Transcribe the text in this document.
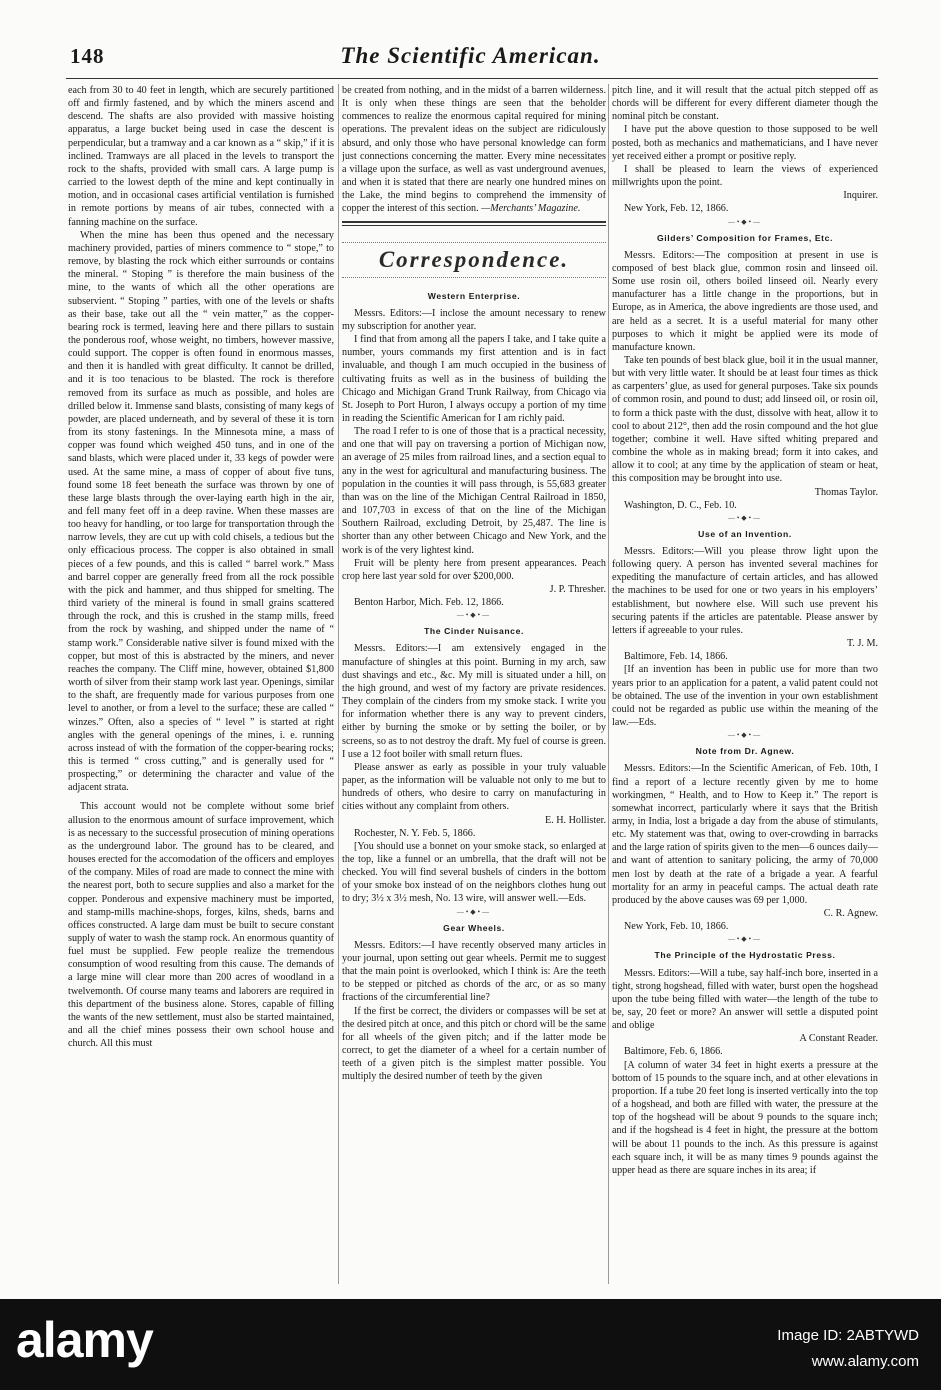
148	The Scientific American.

each from 30 to 40 feet in length, which are securely partitioned off and firmly fastened, and by which the miners ascend and descend. The shafts are also provided with massive hoisting apparatus, a large bucket being used in case the descent is perpendicular, but a tramway and a car known as a “ skip,” if it is inclined. Tramways are all placed in the levels to transport the rock to the shafts, provided with small cars. A large pump is carried to the lowest depth of the mine and kept continually in motion, and in occasional cases artificial ventilation is furnished in remote portions by means of air tubes, connected with a fanning machine on the surface.

When the mine has been thus opened and the necessary machinery provided, parties of miners commence to “ stope,” to remove, by blasting the rock which either surrounds or contains the mineral. “ Stoping ” is therefore the main business of the mine, to the wants of which all the other operations are subservient. “ Stoping ” parties, with one of the levels or shafts as their base, take out all the “ vein matter,” as the copper-bearing rock is termed, leaving here and there pillars to sustain the ponderous roof, whose weight, no timbers, however massive, could support. The copper is often found in enormous masses, and then it is handled with great difficulty. It cannot be drilled, and it is too tenacious to be blasted. The rock is therefore removed from its surface as much as possible, and holes are drilled below it. Immense sand blasts, consisting of many kegs of powder, are placed underneath, and by several of these it is torn from its stony fastenings. In the Minnesota mine, a mass of copper was found which weighed 450 tuns, and in one of the sand blasts, which were placed under it, 33 kegs of powder were used. At the same mine, a mass of copper of about five tuns, found some 18 feet beneath the surface was thrown by one of these large blasts through the over-laying earth high in the air, and fell many feet off in a deep ravine. When these masses are too heavy for handling, or too large for transportation through the narrow levels, they are cut up with cold chisels, a tedious but the only efficacious process. The copper is also obtained in small pieces of a few pounds, and this is called “ barrel work.” Mass and barrel copper are generally freed from all the rock possible with the pick and hammer, and thus shipped for smelting. The third variety of the mineral is found in small grains scattered through the rock, and this is crushed in the stamp mills, freed from the rock by washing, and shipped under the name of “ stamp work.” Considerable native silver is found mixed with the copper, but most of this is abstracted by the miners, and never reaches the company. The Cliff mine, however, obtained $1,800 worth of silver from their stamp work last year. Openings, similar to the shaft, are frequently made for various purposes from one level to another, or from a level to the surface; these are called “ winzes.” Often, also a species of “ level ” is started at right angles with the general openings of the mines, i. e. running across instead of with the formation of the copper-bearing rocks; this is termed “ cross cutting,” and is generally used for “ prospecting,” or determining the character and value of the adjacent strata.

This account would not be complete without some brief allusion to the enormous amount of surface improvement, which is as necessary to the successful prosecution of mining operations as the underground labor. The ground has to be cleared, and houses erected for the accomodation of the officers and employes of the company. Miles of road are made to connect the mine with the nearest port, both to secure supplies and also a market for the copper. Ponderous and expensive machinery must be imported, and stamp-mills machine-shops, forges, kilns, sheds, barns and offices constructed. A large dam must be built to secure constant supply of water to wash the stamp rock. An enormous quantity of fuel must be supplied. Few people realize the tremendous consumption of wood resulting from this cause. The demands of a large mine will clear more than 200 acres of woodland in a twelvemonth. Of course many teams and laborers are required in this department of the business alone. Stores, capable of filling the wants of the new settlement, must also be started maintained, and all the chief mines possess their own school house and church. All this must

be created from nothing, and in the midst of a barren wilderness. It is only when these things are seen that the beholder commences to realize the enormous capital required for mining operations. The prevalent ideas on the subject are ridiculously absurd, and only those who have personal knowledge can form just connections concerning the matter. Every mine necessitates a village upon the surface, as well as vast underground avenues, and when it is stated that there are nearly one hundred mines on the Lake, the mind begins to comprehend the immensity of copper the interest of this section. —Merchants’ Magazine.

Correspondence.
Western Enterprise.

Messrs. Editors:—I inclose the amount necessary to renew my subscription for another year.

I find that from among all the papers I take, and I take quite a number, yours commands my first attention and is in fact invaluable, and though I am much occupied in the business of cultivating fruits as well as in the business of building the Chicago and Michigan Grand Trunk Railway, from Chicago via St. Joseph to Port Huron, I always occupy a portion of my time in reading the Scientific American for I am richly paid.

The road I refer to is one of those that is a practical necessity, and one that will pay on traversing a portion of Michigan now, an average of 25 miles from railroad lines, and a section equal to any in the west for agricultural and manufacturing business. The population in the counties it will pass through, is 55,683 greater than was on the line of the Michigan Central Railroad in 1850, and 107,703 in excess of that on the line of the Michigan Southern Railroad, excluding Detroit, by 25,487. The line is shorter than any other between Chicago and New York, and the work is of the very lightest kind.

Fruit will be plenty here from present appearances. Peach crop here last year sold for over $200,000.

J. P. Thresher.

Benton Harbor, Mich. Feb. 12, 1866.

—•◆•—
The Cinder Nuisance.

Messrs. Editors:—I am extensively engaged in the manufacture of shingles at this point. Burning in my arch, saw dust shavings and etc., &c. My mill is situated under a hill, on the high ground, and west of my factory are private residences. They complain of the cinders from my smoke stack. I write you for information whether there is any way to prevent cinders, either by burning the smoke or by setting the boiler, or by screens, so as to not destroy the draft. My fuel of course is green. I use a 12 foot boiler with small return flues.

Please answer as early as possible in your truly valuable paper, as the information will be valuable not only to me but to hundreds of others, who desire to carry on manufacturing in cities without any complaint from others.

E. H. Hollister.

Rochester, N. Y. Feb. 5, 1866.

[You should use a bonnet on your smoke stack, so enlarged at the top, like a funnel or an umbrella, that the draft will not be checked. You will find several bushels of cinders in the bottom of your smoke box instead of on the neighbors clothes hung out to dry; 3½ x 3½ mesh, No. 13 wire, will answer well.—Eds.

—•◆•—
Gear Wheels.

Messrs. Editors:—I have recently observed many articles in your journal, upon setting out gear wheels. Permit me to suggest that the main point is overlooked, which I think is: Are the teeth to be stepped or pitched as chords of the arc, or as so many fractions of the circumferential line?

If the first be correct, the dividers or compasses will be set at the desired pitch at once, and this pitch or chord will be the same for all wheels of the given pitch; and if the latter mode be correct, to get the diameter of a wheel for a certain number of teeth of a given pitch is the simplest matter possible. You multiply the desired number of teeth by the given

pitch line, and it will result that the actual pitch stepped off as chords will be different for every different diameter though the nominal pitch be constant.

I have put the above question to those supposed to be well posted, both as mechanics and mathematicians, and I have never yet received either a prompt or positive reply.

I shall be pleased to learn the views of experienced millwrights upon the point.

Inquirer.

New York, Feb. 12, 1866.

—•◆•—
Gilders’ Composition for Frames, Etc.

Messrs. Editors:—The composition at present in use is composed of best black glue, common rosin and linseed oil. Some use rosin oil, others boiled linseed oil. Nearly every manufacturer has a little change in the proportions, but in Europe, as in America, the above ingredients are those used, and are held as a secret. It is a useful material for many other purposes to which it might be applied were its mode of manufacture known.

Take ten pounds of best black glue, boil it in the usual manner, but with very little water. It should be at least four times as thick as carpenters’ glue, as used for general purposes. Take six pounds of common rosin, and pound to dust; add linseed oil, or rosin oil, to form a thick paste with the dust, dissolve with heat, allow it to cool to about 212°, then add the rosin compound and the hot glue together; combine it well. Have sifted whiting prepared and combine the whole as in making bread; form it into cakes, and allow it to cool; at any time by the application of steam or heat, this composition may be brought into use.

Thomas Taylor.

Washington, D. C., Feb. 10.

—•◆•—
Use of an Invention.

Messrs. Editors:—Will you please throw light upon the following query. A person has invented several machines for expediting the manufacture of certain articles, and has allowed the machines to be used for one or two years in his employers’ establishment, but nowhere else. Will such use prevent his securing patents if the articles are patentable. Please answer by letters if agreeable to your rules.

T. J. M.

Baltimore, Feb. 14, 1866.

[If an invention has been in public use for more than two years prior to an application for a patent, a valid patent could not be obtained. The use of the invention in your own establishment could not be regarded as public use within the meaning of the law.—Eds.

—•◆•—
Note from Dr. Agnew.

Messrs. Editors:—In the Scientific American, of Feb. 10th, I find a report of a lecture recently given by me to home workingmen, “ Health, and to How to Keep it.” The report is somewhat incorrect, particularly where it says that the British army, in India, lost a brigade a day from the abuse of stimulants, etc. My statement was that, owing to over-crowding in barracks and the large ration of spirits given to the men—6 ounces daily—and want of attention to sanitary policing, the army of 70,000 men lost by death at the rate of a brigade a year. A fearful mortality for an army in peaceful camps. The actual death rate produced by the above causes was 69 per 1,000.

C. R. Agnew.

New York, Feb. 10, 1866.

—•◆•—
The Principle of the Hydrostatic Press.

Messrs. Editors:—Will a tube, say half-inch bore, inserted in a tight, strong hogshead, filled with water, burst open the hogshead upon the tube being filled with water—the length of the tube to be, say, 20 feet or more? An answer will settle a disputed point and oblige

A Constant Reader.

Baltimore, Feb. 6, 1866.

[A column of water 34 feet in hight exerts a pressure at the bottom of 15 pounds to the square inch, and at other elevations in proportion. If a tube 20 feet long is inserted vertically into the top of a hogshead, and both are filled with water, the pressure at the top of the hogshead will be about 9 pounds to the square inch; and if the hogshead is 4 feet in hight, the pressure at the bottom will be about 11 pounds to the inch. As this pressure is against each square inch, it will be as many times 9 pounds against the upper head as there are square inches in its area; if

alamy	Image ID: 2ABTYWD
www.alamy.com
